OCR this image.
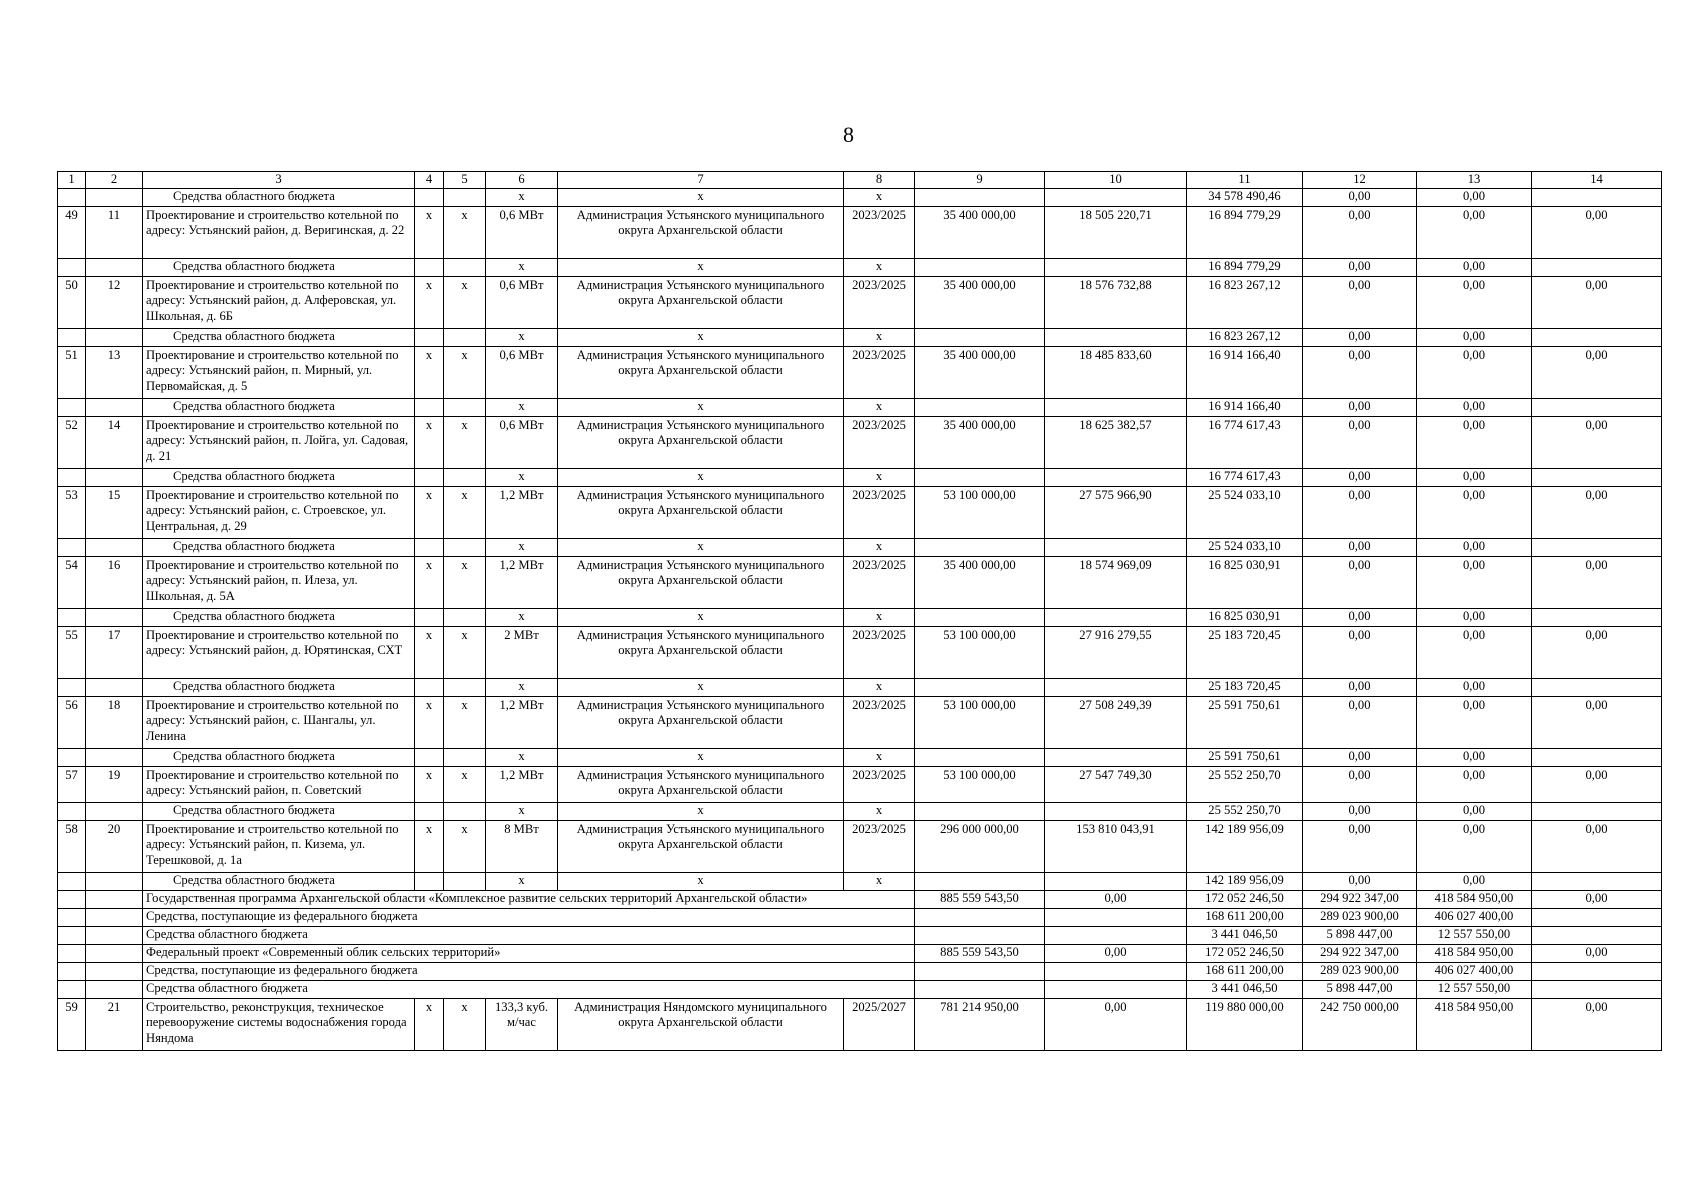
8
1	2	3	4	5	6	7	8	9	10	11	12	13	14
		Средства областного бюджета			х	х	х			34 578 490,46	0,00	0,00	
49	11	Проектирование и строительство котельной по адресу: Устьянский район, д. Веригинская, д. 22	х	х	0,6 МВт	Администрация Устьянского муниципального округа Архангельской области	2023/2025	35 400 000,00	18 505 220,71	16 894 779,29	0,00	0,00	0,00
		Средства областного бюджета			х	х	х			16 894 779,29	0,00	0,00	
50	12	Проектирование и строительство котельной по адресу: Устьянский район, д. Алферовская, ул. Школьная, д. 6Б	х	х	0,6 МВт	Администрация Устьянского муниципального округа Архангельской области	2023/2025	35 400 000,00	18 576 732,88	16 823 267,12	0,00	0,00	0,00
		Средства областного бюджета			х	х	х			16 823 267,12	0,00	0,00	
51	13	Проектирование и строительство котельной по адресу: Устьянский район, п. Мирный, ул. Первомайская, д. 5	х	х	0,6 МВт	Администрация Устьянского муниципального округа Архангельской области	2023/2025	35 400 000,00	18 485 833,60	16 914 166,40	0,00	0,00	0,00
		Средства областного бюджета			х	х	х			16 914 166,40	0,00	0,00	
52	14	Проектирование и строительство котельной по адресу: Устьянский район, п. Лойга, ул. Садовая, д. 21	х	х	0,6 МВт	Администрация Устьянского муниципального округа Архангельской области	2023/2025	35 400 000,00	18 625 382,57	16 774 617,43	0,00	0,00	0,00
		Средства областного бюджета			х	х	х			16 774 617,43	0,00	0,00	
53	15	Проектирование и строительство котельной по адресу: Устьянский район, с. Строевское, ул. Центральная, д. 29	х	х	1,2 МВт	Администрация Устьянского муниципального округа Архангельской области	2023/2025	53 100 000,00	27 575 966,90	25 524 033,10	0,00	0,00	0,00
		Средства областного бюджета			х	х	х			25 524 033,10	0,00	0,00	
54	16	Проектирование и строительство котельной по адресу: Устьянский район, п. Илеза, ул. Школьная, д. 5А	х	х	1,2 МВт	Администрация Устьянского муниципального округа Архангельской области	2023/2025	35 400 000,00	18 574 969,09	16 825 030,91	0,00	0,00	0,00
		Средства областного бюджета			х	х	х			16 825 030,91	0,00	0,00	
55	17	Проектирование и строительство котельной по адресу: Устьянский район, д. Юрятинская, СХТ	х	х	2 МВт	Администрация Устьянского муниципального округа Архангельской области	2023/2025	53 100 000,00	27 916 279,55	25 183 720,45	0,00	0,00	0,00
		Средства областного бюджета			х	х	х			25 183 720,45	0,00	0,00	
56	18	Проектирование и строительство котельной по адресу: Устьянский район, с. Шангалы, ул. Ленина	х	х	1,2 МВт	Администрация Устьянского муниципального округа Архангельской области	2023/2025	53 100 000,00	27 508 249,39	25 591 750,61	0,00	0,00	0,00
		Средства областного бюджета			х	х	х			25 591 750,61	0,00	0,00	
57	19	Проектирование и строительство котельной по адресу: Устьянский район, п. Советский	х	х	1,2 МВт	Администрация Устьянского муниципального округа Архангельской области	2023/2025	53 100 000,00	27 547 749,30	25 552 250,70	0,00	0,00	0,00
		Средства областного бюджета			х	х	х			25 552 250,70	0,00	0,00	
58	20	Проектирование и строительство котельной по адресу: Устьянский район, п. Кизема, ул. Терешковой, д. 1а	х	х	8 МВт	Администрация Устьянского муниципального округа Архангельской области	2023/2025	296 000 000,00	153 810 043,91	142 189 956,09	0,00	0,00	0,00
		Средства областного бюджета			х	х	х			142 189 956,09	0,00	0,00	
		Государственная программа Архангельской области «Комплексное развитие сельских территорий Архангельской области»						885 559 543,50	0,00	172 052 246,50	294 922 347,00	418 584 950,00	0,00
		Средства, поступающие из федерального бюджета								168 611 200,00	289 023 900,00	406 027 400,00	
		Средства областного бюджета								3 441 046,50	5 898 447,00	12 557 550,00	
		Федеральный проект «Современный облик сельских территорий»						885 559 543,50	0,00	172 052 246,50	294 922 347,00	418 584 950,00	0,00
		Средства, поступающие из федерального бюджета								168 611 200,00	289 023 900,00	406 027 400,00	
		Средства областного бюджета								3 441 046,50	5 898 447,00	12 557 550,00	
59	21	Строительство, реконструкция, техническое перевооружение системы водоснабжения города Няндома	х	х	133,3 куб. м/час	Администрация Няндомского муниципального округа Архангельской области	2025/2027	781 214 950,00	0,00	119 880 000,00	242 750 000,00	418 584 950,00	0,00
